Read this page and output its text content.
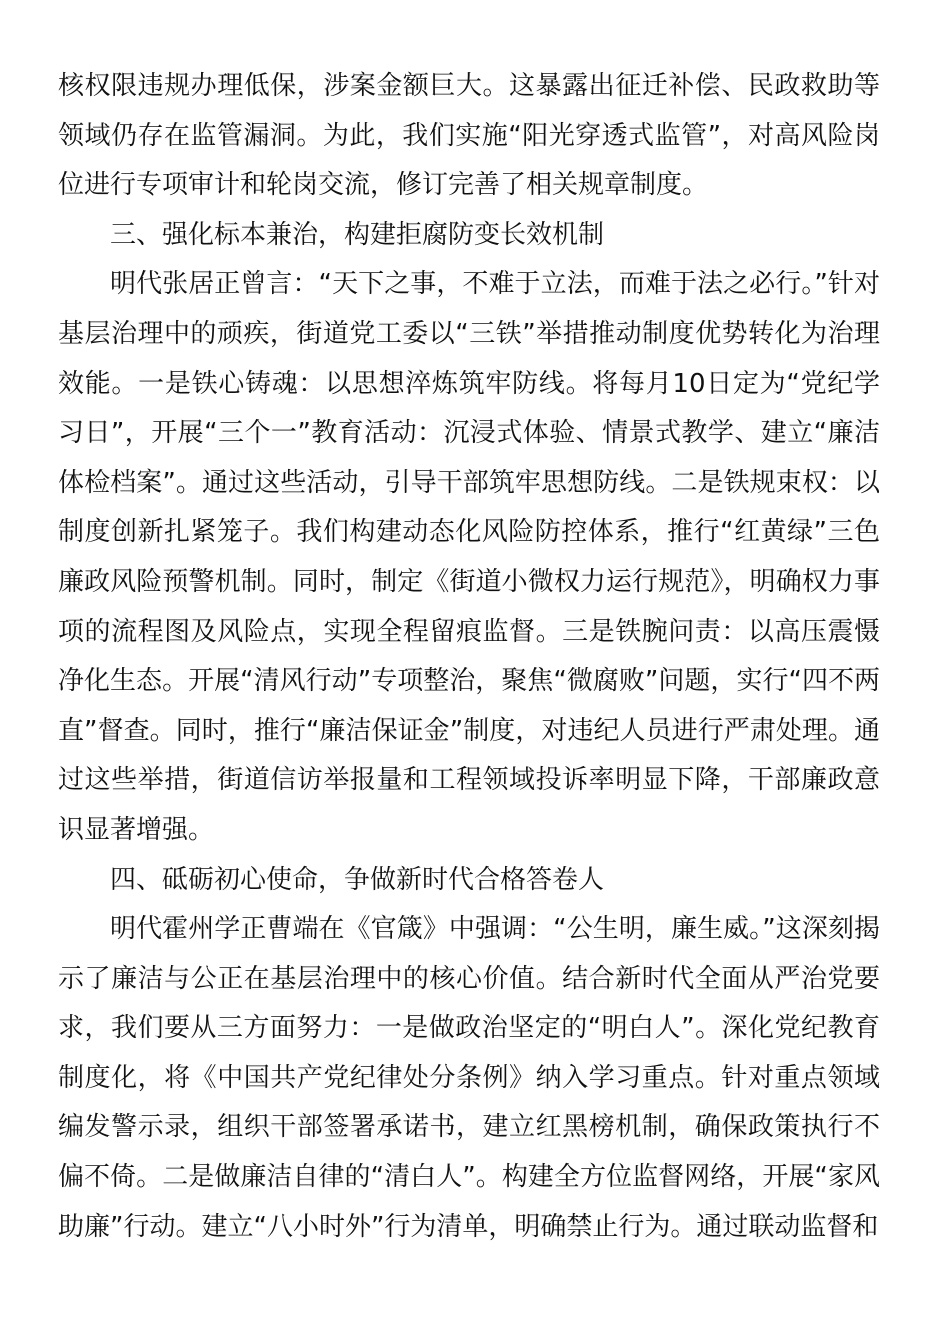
核权限违规办理低保，涉案金额巨大。这暴露出征迁补偿、民政救助等领域仍存在监管漏洞。为此，我们实施“阳光穿透式监管”，对高风险岗位进行专项审计和轮岗交流，修订完善了相关规章制度。

三、强化标本兼治，构建拒腐防变长效机制

明代张居正曾言：“天下之事，不难于立法，而难于法之必行。”针对基层治理中的顽疾，街道党工委以“三铁”举措推动制度优势转化为治理效能。一是铁心铸魂：以思想淬炼筑牢防线。将每月10日定为“党纪学习日”，开展“三个一”教育活动：沉浸式体验、情景式教学、建立“廉洁体检档案”。通过这些活动，引导干部筑牢思想防线。二是铁规束权：以制度创新扎紧笼子。我们构建动态化风险防控体系，推行“红黄绿”三色廉政风险预警机制。同时，制定《街道小微权力运行规范》，明确权力事项的流程图及风险点，实现全程留痕监督。三是铁腕问责：以高压震慑净化生态。开展“清风行动”专项整治，聚焦“微腐败”问题，实行“四不两直”督查。同时，推行“廉洁保证金”制度，对违纪人员进行严肃处理。通过这些举措，街道信访举报量和工程领域投诉率明显下降，干部廉政意识显著增强。

四、砥砺初心使命，争做新时代合格答卷人

明代霍州学正曹端在《官箴》中强调：“公生明，廉生威。”这深刻揭示了廉洁与公正在基层治理中的核心价值。结合新时代全面从严治党要求，我们要从三方面努力：一是做政治坚定的“明白人”。深化党纪教育制度化，将《中国共产党纪律处分条例》纳入学习重点。针对重点领域编发警示录，组织干部签署承诺书，建立红黑榜机制，确保政策执行不偏不倚。二是做廉洁自律的“清白人”。构建全方位监督网络，开展“家风助廉”行动。建立“八小时外”行为清单，明确禁止行为。通过联动监督和
